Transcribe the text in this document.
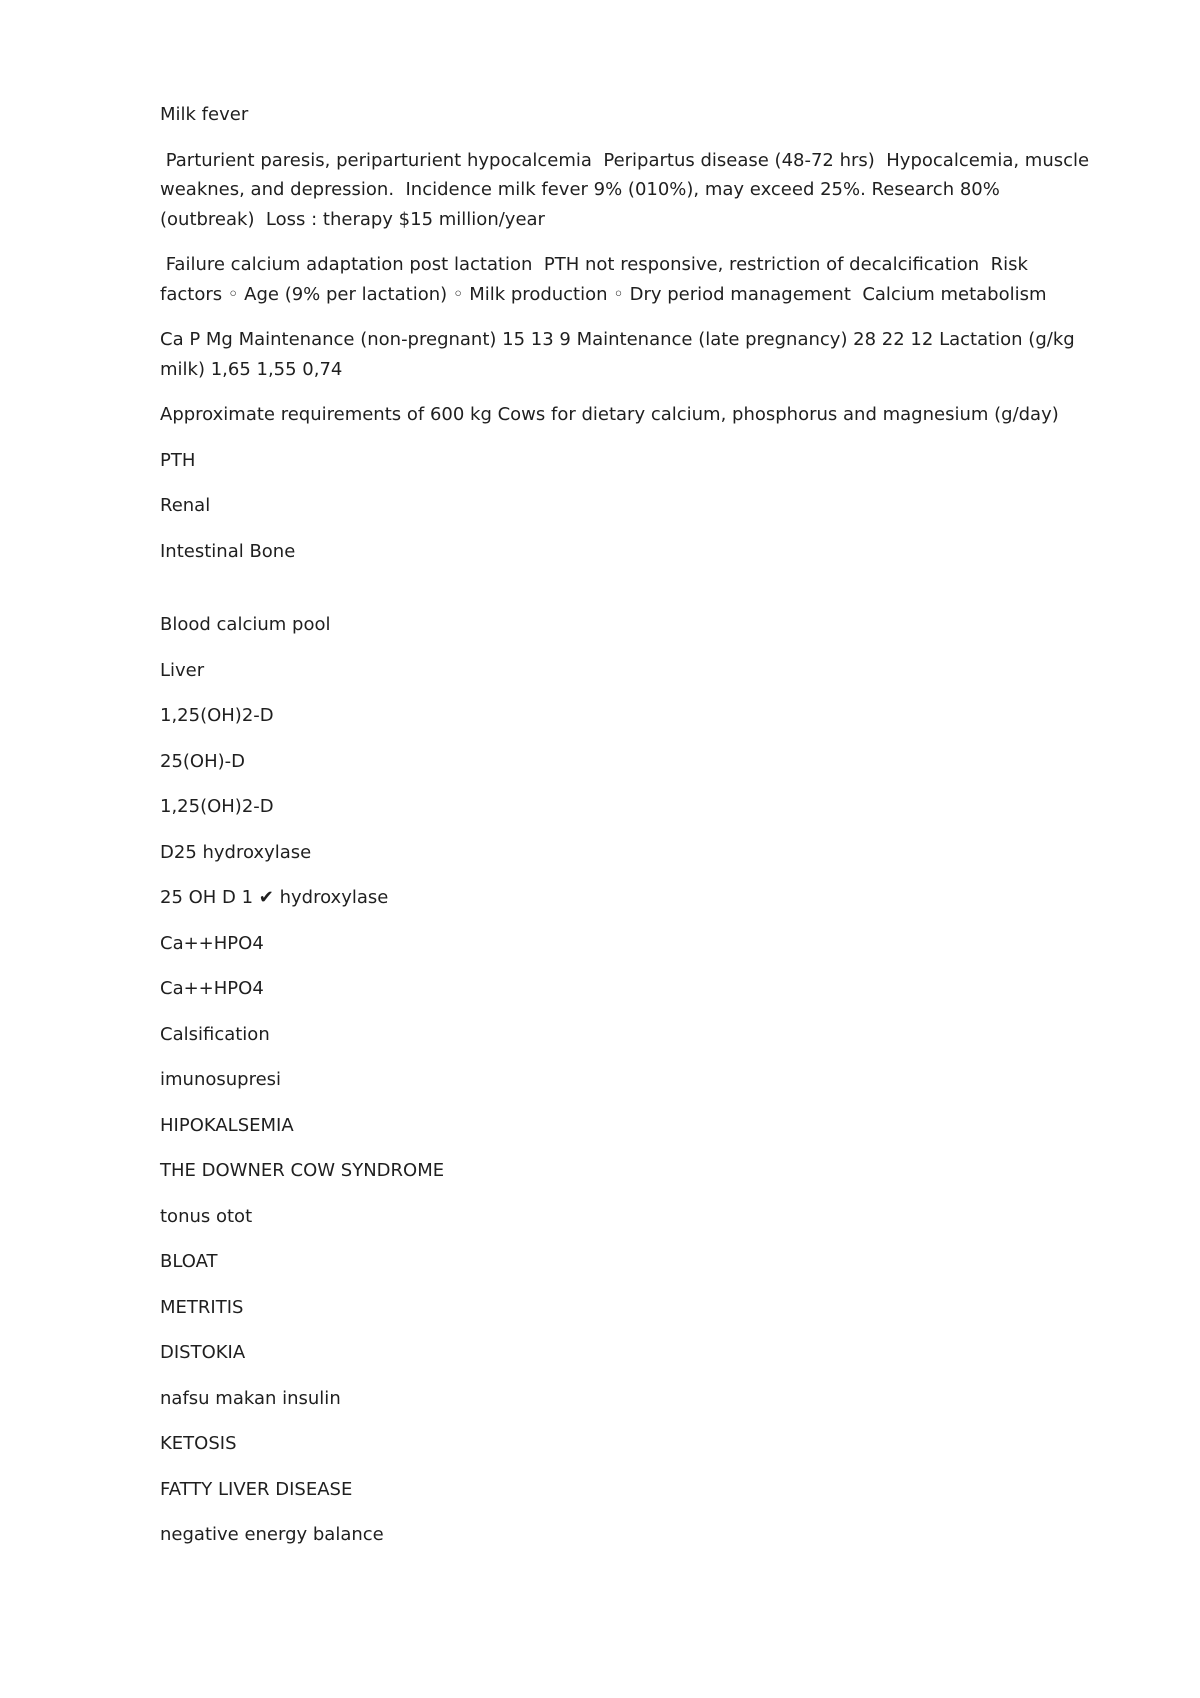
Milk fever

Parturient paresis, periparturient hypocalcemia  Peripartus disease (48-72 hrs)  Hypocalcemia, muscle weaknes, and depression.  Incidence milk fever 9% (010%), may exceed 25%. Research 80% (outbreak)  Loss : therapy $15 million/year

Failure calcium adaptation post lactation  PTH not responsive, restriction of decalcification  Risk factors ◦ Age (9% per lactation) ◦ Milk production ◦ Dry period management  Calcium metabolism

Ca P Mg Maintenance (non-pregnant) 15 13 9 Maintenance (late pregnancy) 28 22 12 Lactation (g/kg milk) 1,65 1,55 0,74

Approximate requirements of 600 kg Cows for dietary calcium, phosphorus and magnesium (g/day)

PTH

Renal

Intestinal Bone

Blood calcium pool

Liver

1,25(OH)2-D

25(OH)-D

1,25(OH)2-D

D25 hydroxylase

25 OH D 1 ✔ hydroxylase

Ca++HPO4

Ca++HPO4

Calsification

imunosupresi

HIPOKALSEMIA

THE DOWNER COW SYNDROME

tonus otot

BLOAT

METRITIS

DISTOKIA

nafsu makan insulin

KETOSIS

FATTY LIVER DISEASE

negative energy balance
